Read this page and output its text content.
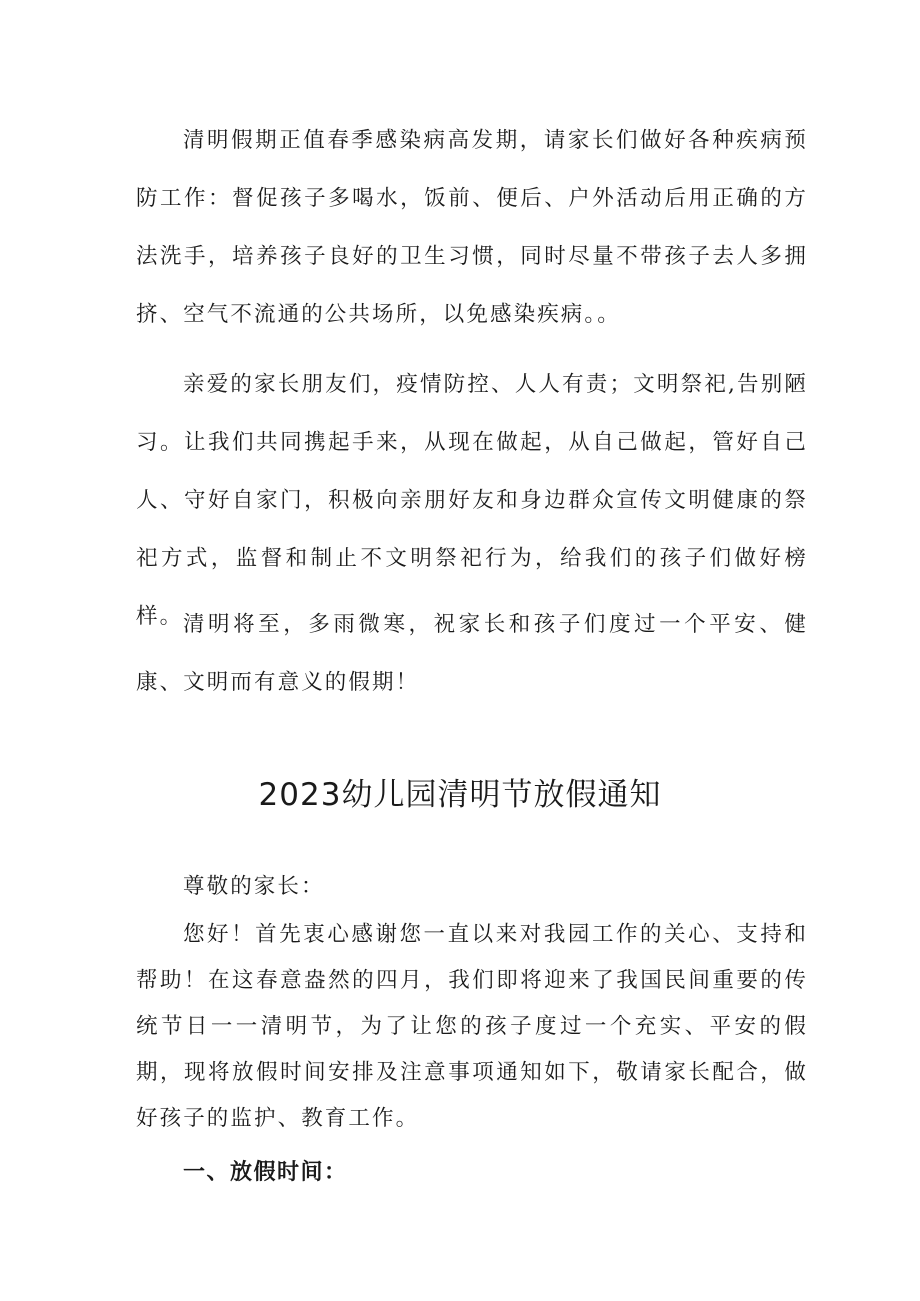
清明假期正值春季感染病高发期，请家长们做好各种疾病预防工作：督促孩子多喝水，饭前、便后、户外活动后用正确的方法洗手，培养孩子良好的卫生习惯，同时尽量不带孩子去人多拥挤、空气不流通的公共场所，以免感染疾病。。

亲爱的家长朋友们，疫情防控、人人有责；文明祭祀,告别陋习。让我们共同携起手来，从现在做起，从自己做起，管好自己人、守好自家门，积极向亲朋好友和身边群众宣传文明健康的祭祀方式，监督和制止不文明祭祀行为，给我们的孩子们做好榜样。 清明将至，多雨微寒，祝家长和孩子们度过一个平安、健康、文明而有意义的假期！

2023幼儿园清明节放假通知

尊敬的家长：

您好！首先衷心感谢您一直以来对我园工作的关心、支持和帮助！在这春意盎然的四月，我们即将迎来了我国民间重要的传统节日一一清明节，为了让您的孩子度过一个充实、平安的假期，现将放假时间安排及注意事项通知如下，敬请家长配合，做好孩子的监护、教育工作。

一、放假时间：
